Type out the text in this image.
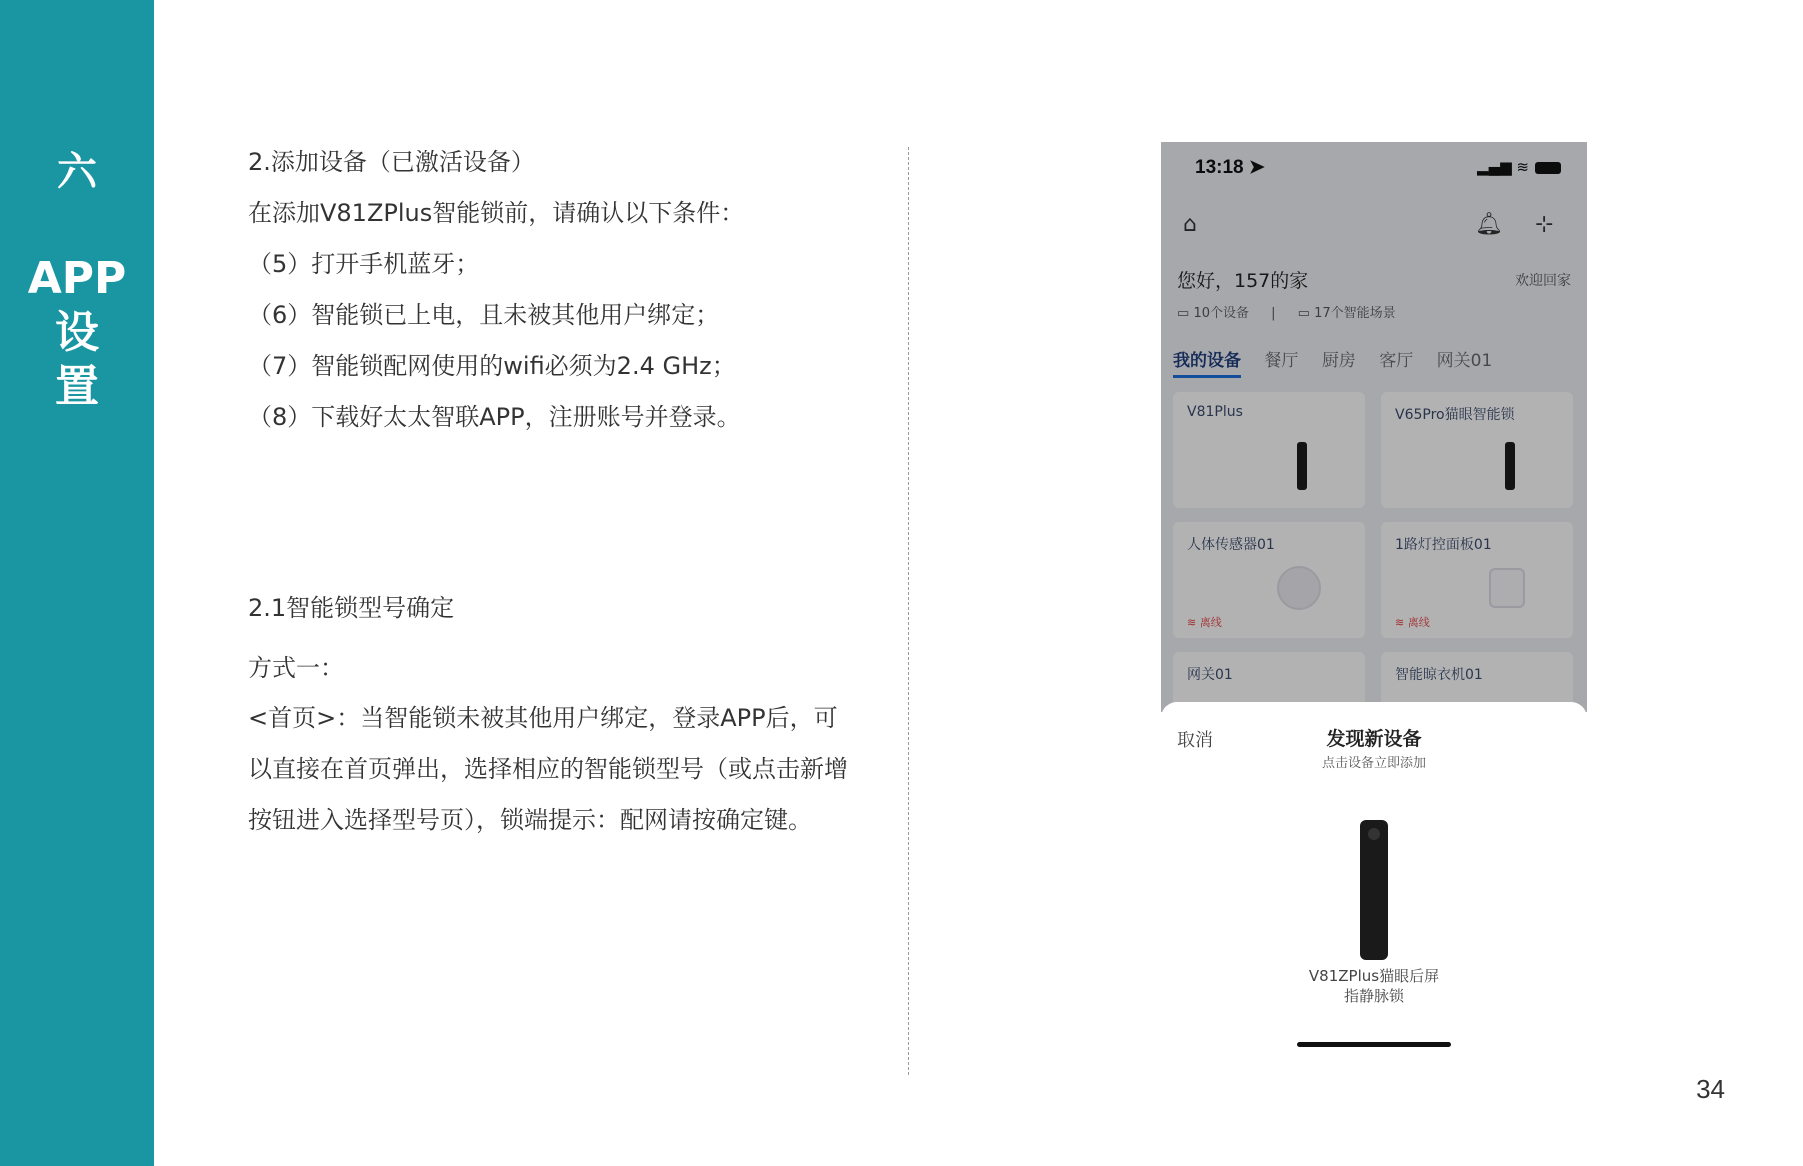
六
APP
设
置
2.添加设备（已激活设备）
在添加V81ZPlus智能锁前，请确认以下条件：
（5）打开手机蓝牙；
（6）智能锁已上电，且未被其他用户绑定；
（7）智能锁配网使用的wifi必须为2.4 GHz；
（8）下载好太太智联APP，注册账号并登录。
2.1智能锁型号确定
方式一：
<首页>：当智能锁未被其他用户绑定，登录APP后，可
以直接在首页弹出，选择相应的智能锁型号（或点击新增
按钮进入选择型号页），锁端提示：配网请按确定键。
13:18 ➤	▂▄▆ ≋
⌂	🔔︎ ⊹
您好，157的家	欢迎回家
▭ 10个设备 | ▭ 17个智能场景
我的设备 餐厅 厨房 客厅 网关01
V81Plus	V65Pro猫眼智能锁
人体传感器01
≋ 离线
1路灯控面板01
≋ 离线
网关01	智能晾衣机01
取消	发现新设备
点击设备立即添加
V81ZPlus猫眼后屏
指静脉锁
34
